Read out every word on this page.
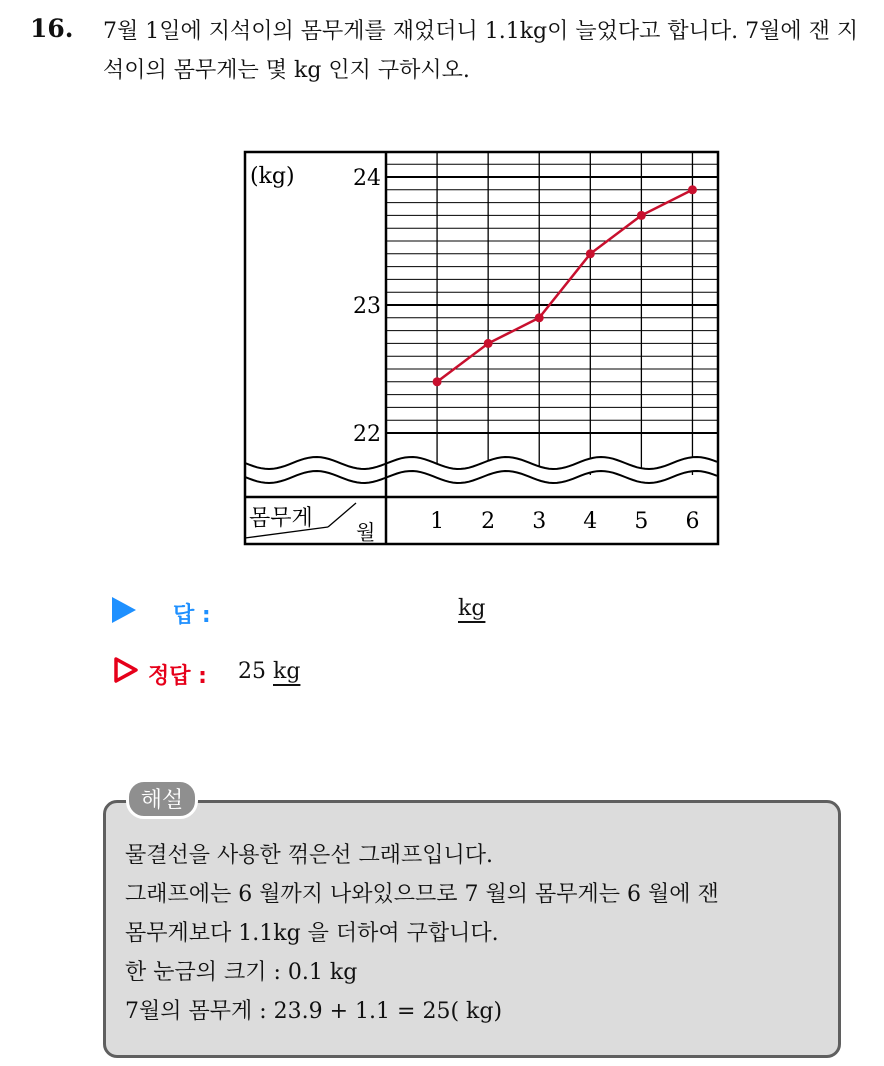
16. 7월 1일에 지석이의 몸무게를 재었더니 1.1kg이 늘었다고 합니다. 7월에 잰 지석이의 몸무게는 몇 kg 인지 구하시오.
몸무게
월
(kg)
22
23
24
1 2 3 4 5 6
답 :	kg
정답 : 25 kg
해설
물결선을 사용한 꺾은선 그래프입니다.
그래프에는 6 월까지 나와있으므로 7 월의 몸무게는 6 월에 잰
몸무게보다 1.1kg 을 더하여 구합니다.
한 눈금의 크기 : 0.1 kg
7월의 몸무게 : 23.9 + 1.1 = 25( kg)
